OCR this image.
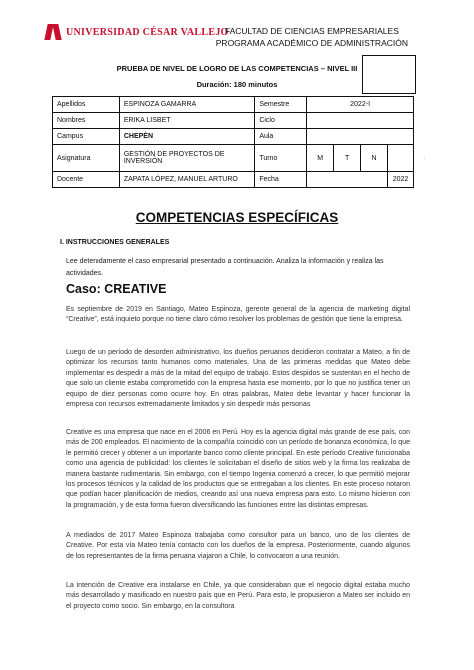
UNIVERSIDAD CÉSAR VALLEJO
FACULTAD DE CIENCIAS EMPRESARIALES
PROGRAMA ACADÉMICO DE ADMINISTRACIÓN
PRUEBA DE NIVEL DE LOGRO DE LAS COMPETENCIAS – NIVEL III
Duración: 180 minutos
Apellidos	ESPINOZA GAMARRA	Semestre	2022-I			
Nombres	ERIKA LISBET	Ciclo				
Campus	CHEPÈN	Aula				
Asignatura	GESTIÓN DE PROYECTOS DE INVERSIÓN	Turno	M	T	N	
Docente	ZAPATA LÓPEZ, MANUEL ARTURO	Fecha				2022
...
COMPETENCIAS ESPECÍFICAS
I. INSTRUCCIONES GENERALES
Lee detenidamente el caso empresarial presentado a continuación. Analiza la información y realiza las actividades.
Caso: CREATIVE

Es septiembre de 2019 en Santiago, Mateo Espinoza, gerente general de la agencia de marketing digital “Creative”, está inquieto porque no tiene claro cómo resolver los problemas de gestión que tiene la empresa.

Luego de un período de desorden administrativo, los dueños peruanos decidieron contratar a Mateo, a fin de optimizar los recursos tanto humanos como materiales. Una de las primeras medidas que Mateo debe implementar es despedir a más de la mitad del equipo de trabajo. Estos despidos se sustentan en el hecho de que solo un cliente estaba comprometido con la empresa hasta ese momento, por lo que no justifica tener un equipo de diez personas como ocurre hoy. En otras palabras, Mateo debe levantar y hacer funcionar la empresa con recursos extremadamente limitados y sin despedir más personas

Creative es una empresa que nace en el 2006 en Perú. Hoy es la agencia digital más grande de ese país, con más de 200 empleados. El nacimiento de la compañía coincidió con un período de bonanza económica, lo que le permitió crecer y obtener a un importante banco como cliente principal. En este período Creative funcionaba como una agencia de publicidad: los clientes le solicitaban el diseño de sitios web y la firma los realizaba de manera bastante rudimentaria. Sin embargo, con el tiempo Ingenia comenzó a crecer, lo que permitió mejorar los procesos técnicos y la calidad de los productos que se entregaban a los clientes. En este proceso notaron que podían hacer planificación de medios, creando así una nueva empresa para esto. Lo mismo hicieron con la programación, y de esta forma fueron diversificando las funciones entre las distintas empresas.

A mediados de 2017 Mateo Espinoza trabajaba como consultor para un banco, uno de los clientes de Creative. Por esta vía Mateo tenía contacto con los dueños de la empresa. Posteriormente, cuando algunos de los representantes de la firma peruana viajaron a Chile, lo convocaron a una reunión.

La intención de Creative era instalarse en Chile, ya que consideraban que el negocio digital estaba mucho más desarrollado y masificado en nuestro país que en Perú. Para esto, le propusieron a Mateo ser incluido en el proyecto como socio. Sin embargo, en la consultora
